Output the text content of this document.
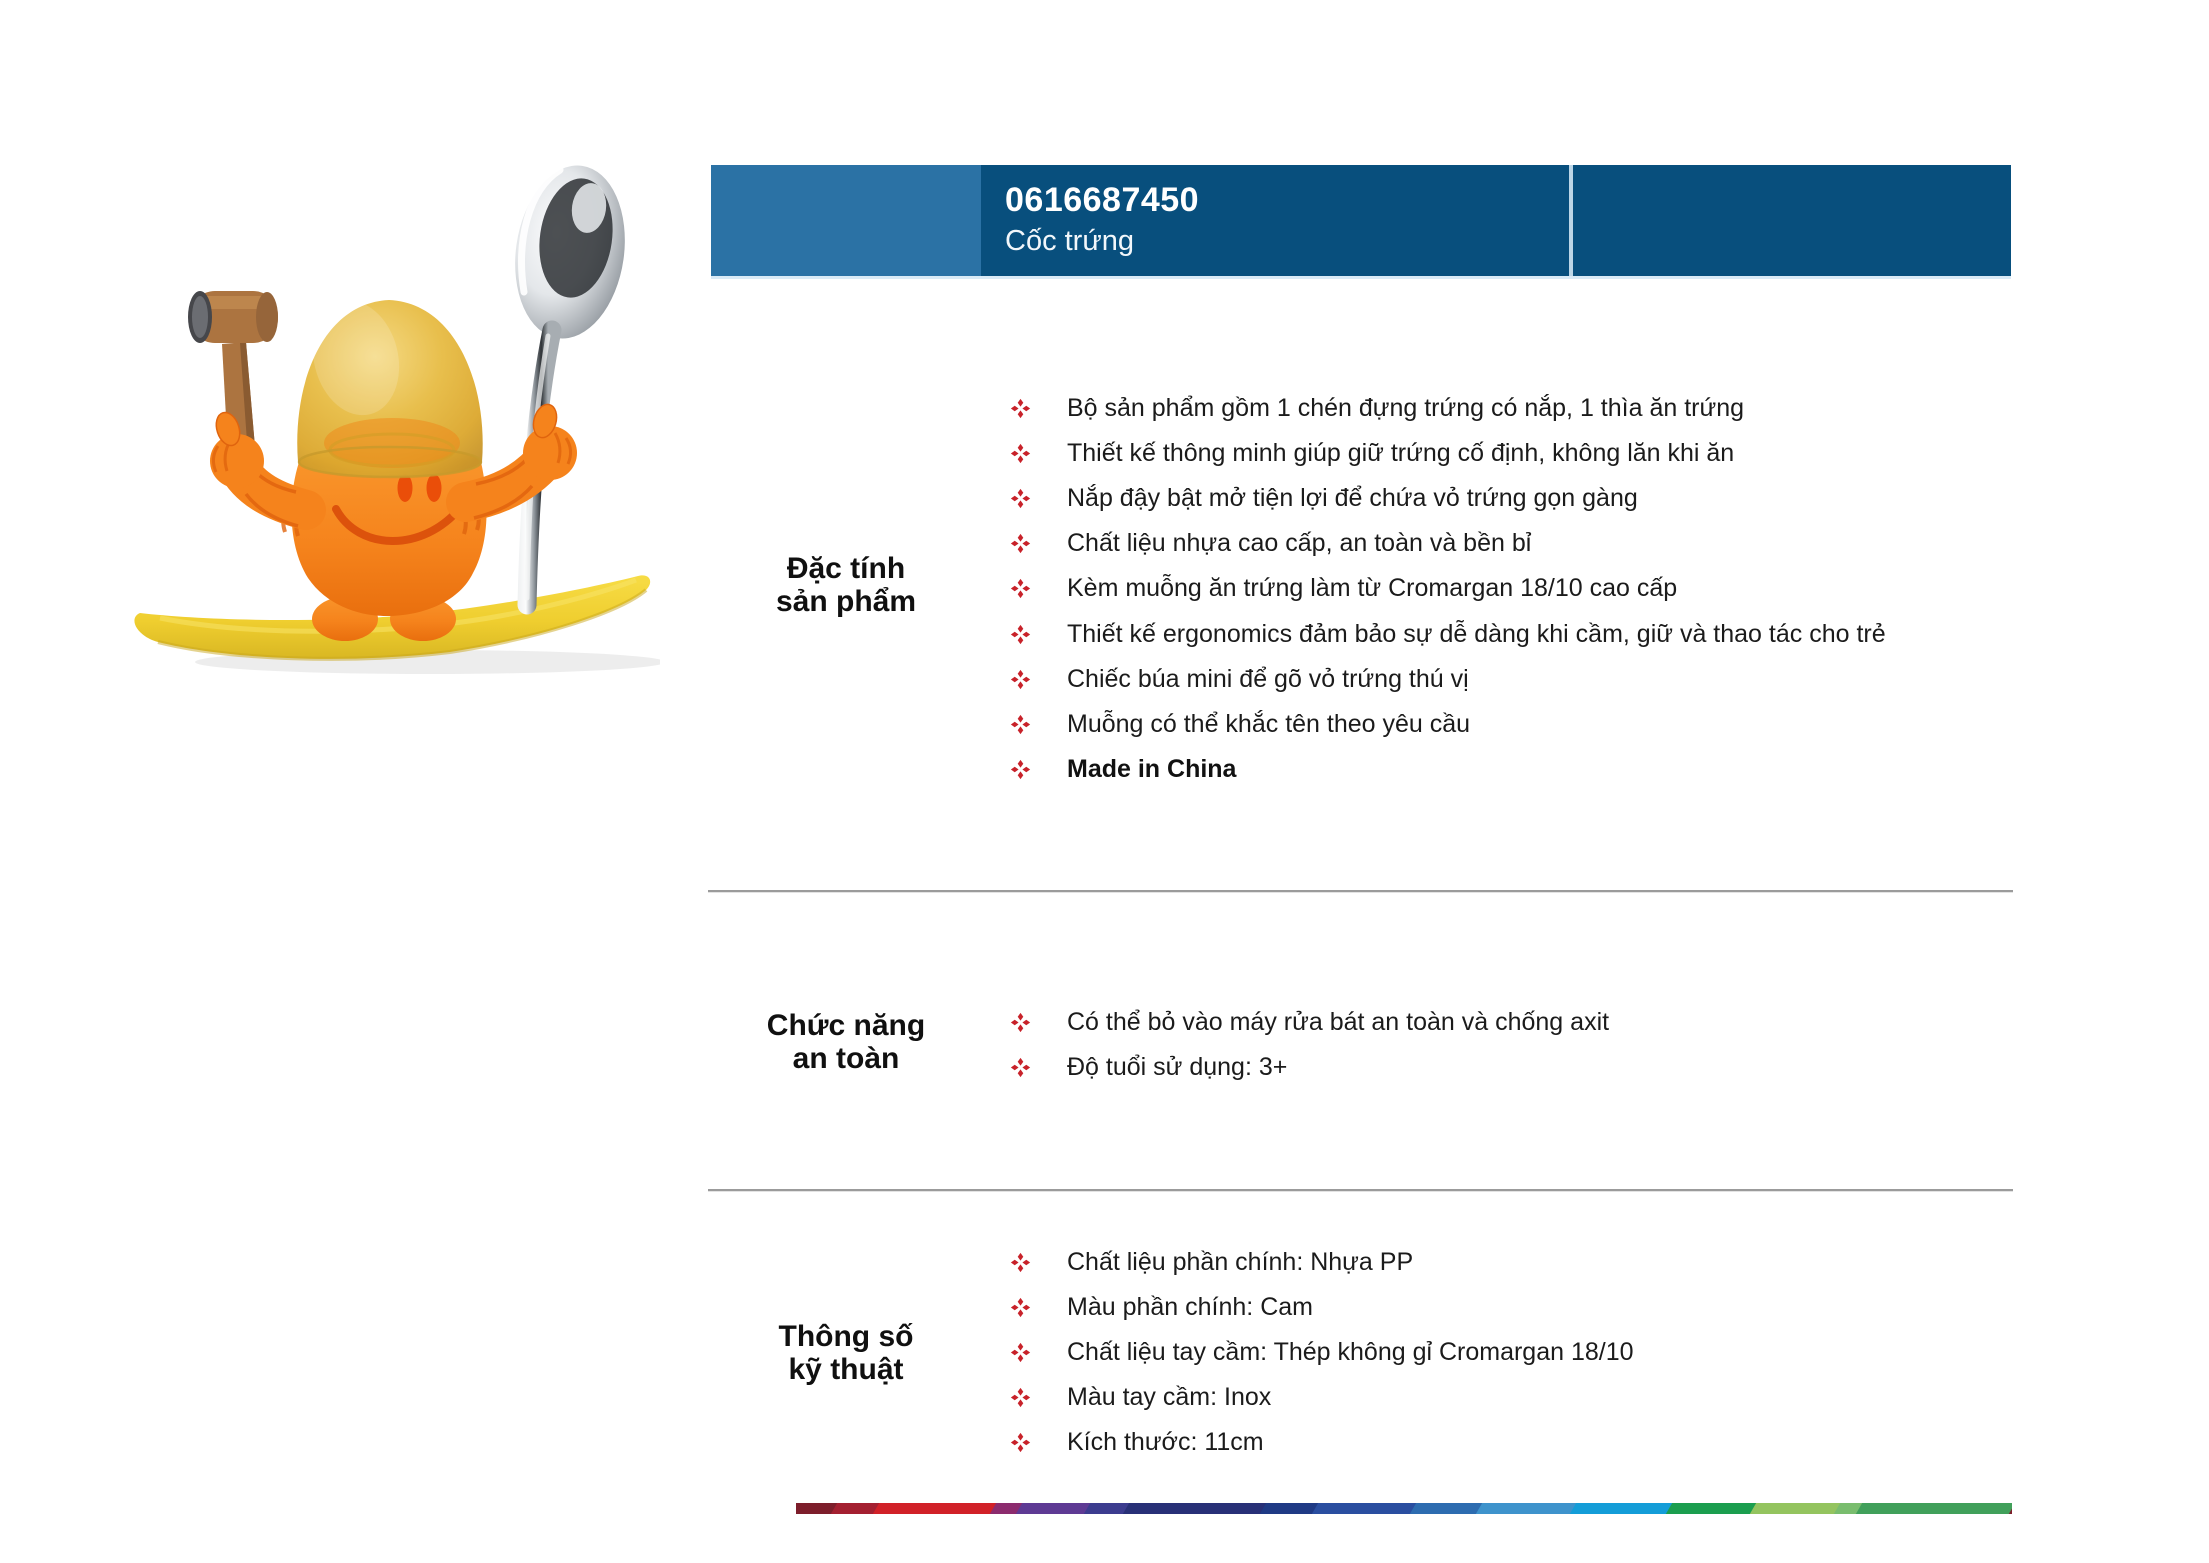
0616687450
Cốc trứng
Đặc tính
sản phẩm
Bộ sản phẩm gồm 1 chén đựng trứng có nắp, 1 thìa ăn trứng
Thiết kế thông minh giúp giữ trứng cố định, không lăn khi ăn
Nắp đậy bật mở tiện lợi để chứa vỏ trứng gọn gàng
Chất liệu nhựa cao cấp, an toàn và bền bỉ
Kèm muỗng ăn trứng làm từ Cromargan 18/10 cao cấp
Thiết kế ergonomics đảm bảo sự dễ dàng khi cầm, giữ và thao tác cho trẻ
Chiếc búa mini để gõ vỏ trứng thú vị
Muỗng có thể khắc tên theo yêu cầu
Made in China
Chức năng
an toàn
Có thể bỏ vào máy rửa bát an toàn và chống axit
Độ tuổi sử dụng: 3+
Thông số
kỹ thuật
Chất liệu phần chính: Nhựa PP
Màu phần chính: Cam
Chất liệu tay cầm: Thép không gỉ Cromargan 18/10
Màu tay cầm: Inox
Kích thước: 11cm
